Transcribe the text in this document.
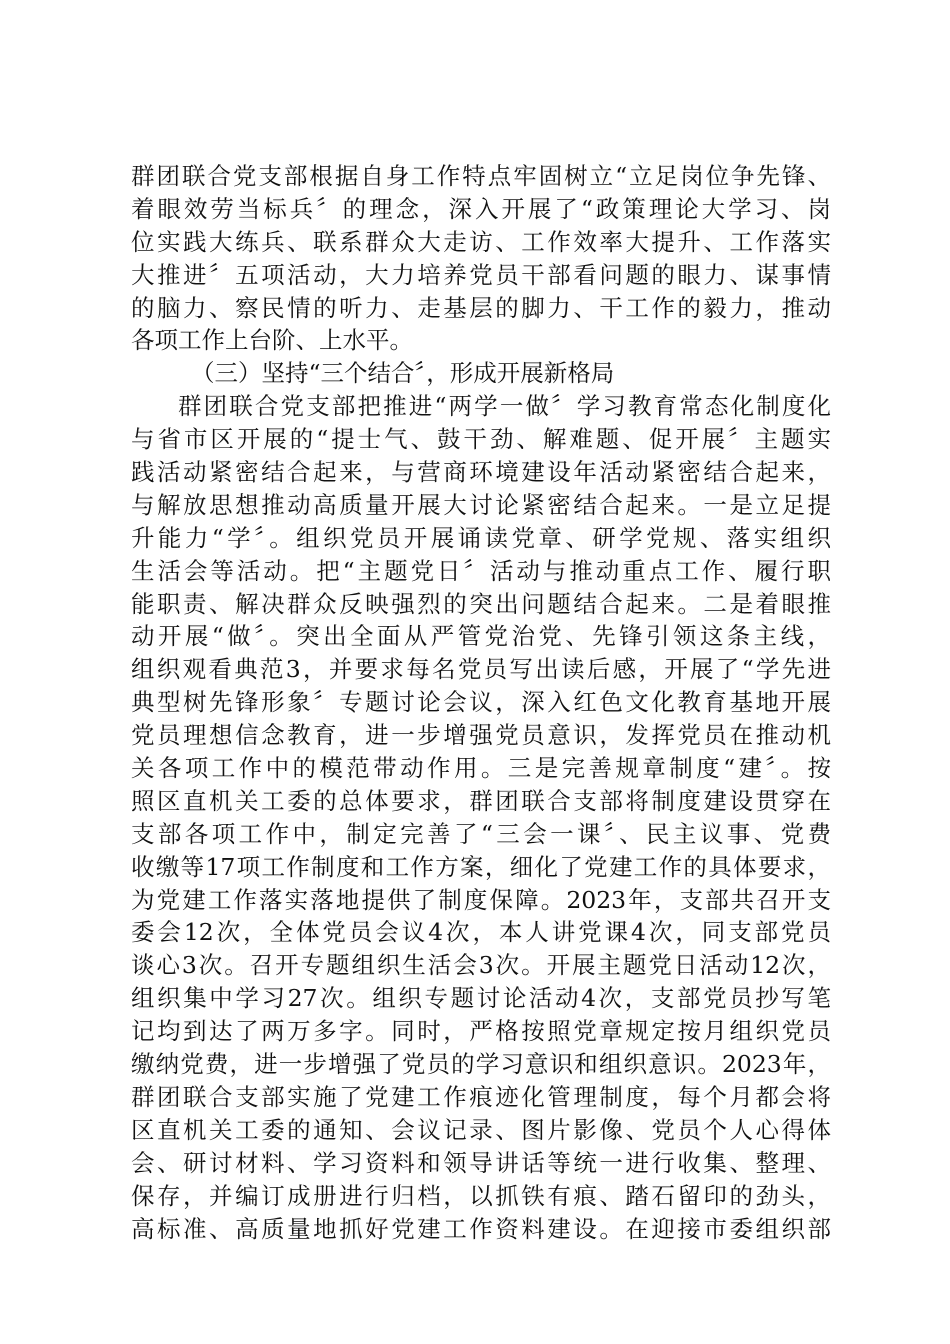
群团联合党支部根据自身工作特点牢固树立“立足岗位争先锋、
着眼效劳当标兵〞的理念，深入开展了“政策理论大学习、岗
位实践大练兵、联系群众大走访、工作效率大提升、工作落实
大推进〞五项活动，大力培养党员干部看问题的眼力、谋事情
的脑力、察民情的听力、走基层的脚力、干工作的毅力，推动
各项工作上台阶、上水平。
（三）坚持“三个结合〞，形成开展新格局
群团联合党支部把推进“两学一做〞学习教育常态化制度化
与省市区开展的“提士气、鼓干劲、解难题、促开展〞主题实
践活动紧密结合起来，与营商环境建设年活动紧密结合起来，
与解放思想推动高质量开展大讨论紧密结合起来。一是立足提
升能力“学〞。组织党员开展诵读党章、研学党规、落实组织
生活会等活动。把“主题党日〞活动与推动重点工作、履行职
能职责、解决群众反映强烈的突出问题结合起来。二是着眼推
动开展“做〞。突出全面从严管党治党、先锋引领这条主线，
组织观看典范3，并要求每名党员写出读后感，开展了“学先进
典型树先锋形象〞专题讨论会议，深入红色文化教育基地开展
党员理想信念教育，进一步增强党员意识，发挥党员在推动机
关各项工作中的模范带动作用。三是完善规章制度“建〞。按
照区直机关工委的总体要求，群团联合支部将制度建设贯穿在
支部各项工作中，制定完善了“三会一课〞、民主议事、党费
收缴等17项工作制度和工作方案，细化了党建工作的具体要求，
为党建工作落实落地提供了制度保障。2023年，支部共召开支
委会12次，全体党员会议4次，本人讲党课4次，同支部党员
谈心3次。召开专题组织生活会3次。开展主题党日活动12次，
组织集中学习27次。组织专题讨论活动4次，支部党员抄写笔
记均到达了两万多字。同时，严格按照党章规定按月组织党员
缴纳党费，进一步增强了党员的学习意识和组织意识。2023年，
群团联合支部实施了党建工作痕迹化管理制度，每个月都会将
区直机关工委的通知、会议记录、图片影像、党员个人心得体
会、研讨材料、学习资料和领导讲话等统一进行收集、整理、
保存，并编订成册进行归档，以抓铁有痕、踏石留印的劲头，
高标准、高质量地抓好党建工作资料建设。在迎接市委组织部
